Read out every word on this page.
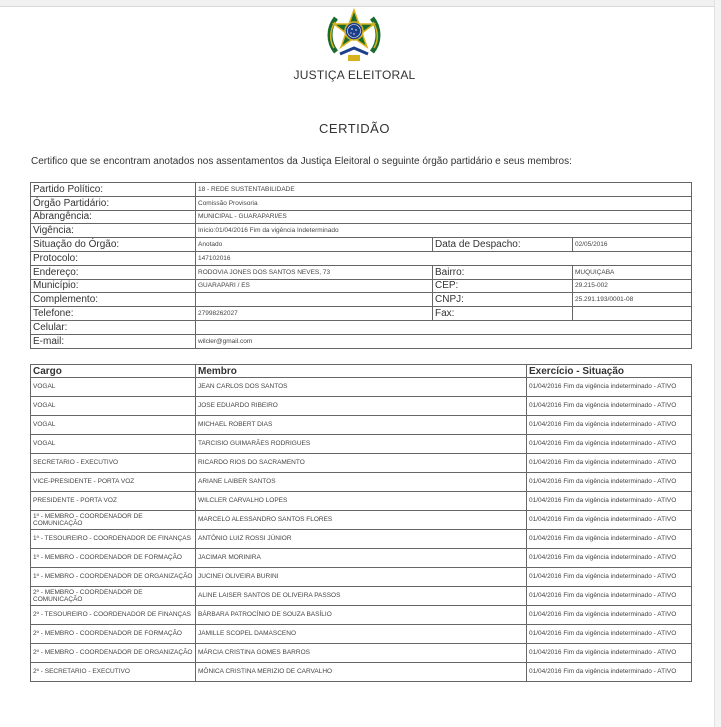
JUSTIÇA ELEITORAL
CERTIDÃO
Certifico que se encontram anotados nos assentamentos da Justiça Eleitoral o seguinte órgão partidário e seus membros:
Partido Político:	18 - REDE SUSTENTABILIDADE		
Órgão Partidário:	Comissão Provisoria		
Abrangência:	MUNICIPAL - GUARAPARI/ES		
Vigência:	Início:01/04/2016 Fim da vigência Indeterminado		
Situação do Órgão:	Anotado	Data de Despacho:	02/05/2016
Protocolo:	147102016		
Endereço:	RODOVIA JONES DOS SANTOS NEVES, 73	Bairro:	MUQUIÇABA
Município:	GUARAPARI / ES	CEP:	29.215-002
Complemento:		CNPJ:	25.291.193/0001-08
Telefone:	27998262027	Fax:	
Celular:			
E-mail:	wilcler@gmail.com		
Cargo	Membro	Exercício - Situação
VOGAL	JEAN CARLOS DOS SANTOS	01/04/2016 Fim da vigência indeterminado - ATIVO
VOGAL	JOSE EDUARDO RIBEIRO	01/04/2016 Fim da vigência indeterminado - ATIVO
VOGAL	MICHAEL ROBERT DIAS	01/04/2016 Fim da vigência indeterminado - ATIVO
VOGAL	TARCISIO GUIMARÃES RODRIGUES	01/04/2016 Fim da vigência indeterminado - ATIVO
SECRETARIO - EXECUTIVO	RICARDO RIOS DO SACRAMENTO	01/04/2016 Fim da vigência indeterminado - ATIVO
VICE-PRESIDENTE - PORTA VOZ	ARIANE LAIBER SANTOS	01/04/2016 Fim da vigência indeterminado - ATIVO
PRESIDENTE - PORTA VOZ	WILCLER CARVALHO LOPES	01/04/2016 Fim da vigência indeterminado - ATIVO
1º - MEMBRO - COORDENADOR DE COMUNICAÇÃO	MARCELO ALESSANDRO SANTOS FLORES	01/04/2016 Fim da vigência indeterminado - ATIVO
1º - TESOUREIRO - COORDENADOR DE FINANÇAS	ANTÔNIO LUIZ ROSSI JÚNIOR	01/04/2016 Fim da vigência indeterminado - ATIVO
1º - MEMBRO - COORDENADOR DE FORMAÇÃO	JACIMAR MORINIRA	01/04/2016 Fim da vigência indeterminado - ATIVO
1º - MEMBRO - COORDENADOR DE ORGANIZAÇÃO	JUCINEI OLIVEIRA BURINI	01/04/2016 Fim da vigência indeterminado - ATIVO
2º - MEMBRO - COORDENADOR DE COMUNICAÇÃO	ALINE LAISER SANTOS DE OLIVEIRA PASSOS	01/04/2016 Fim da vigência indeterminado - ATIVO
2º - TESOUREIRO - COORDENADOR DE FINANÇAS	BÁRBARA PATROCÍNIO DE SOUZA BASÍLIO	01/04/2016 Fim da vigência indeterminado - ATIVO
2º - MEMBRO - COORDENADOR DE FORMAÇÃO	JAMILLE SCOPEL DAMASCENO	01/04/2016 Fim da vigência indeterminado - ATIVO
2º - MEMBRO - COORDENADOR DE ORGANIZAÇÃO	MÁRCIA CRISTINA GOMES BARROS	01/04/2016 Fim da vigência indeterminado - ATIVO
2º - SECRETARIO - EXECUTIVO	MÔNICA CRISTINA MERIZIO DE CARVALHO	01/04/2016 Fim da vigência indeterminado - ATIVO
